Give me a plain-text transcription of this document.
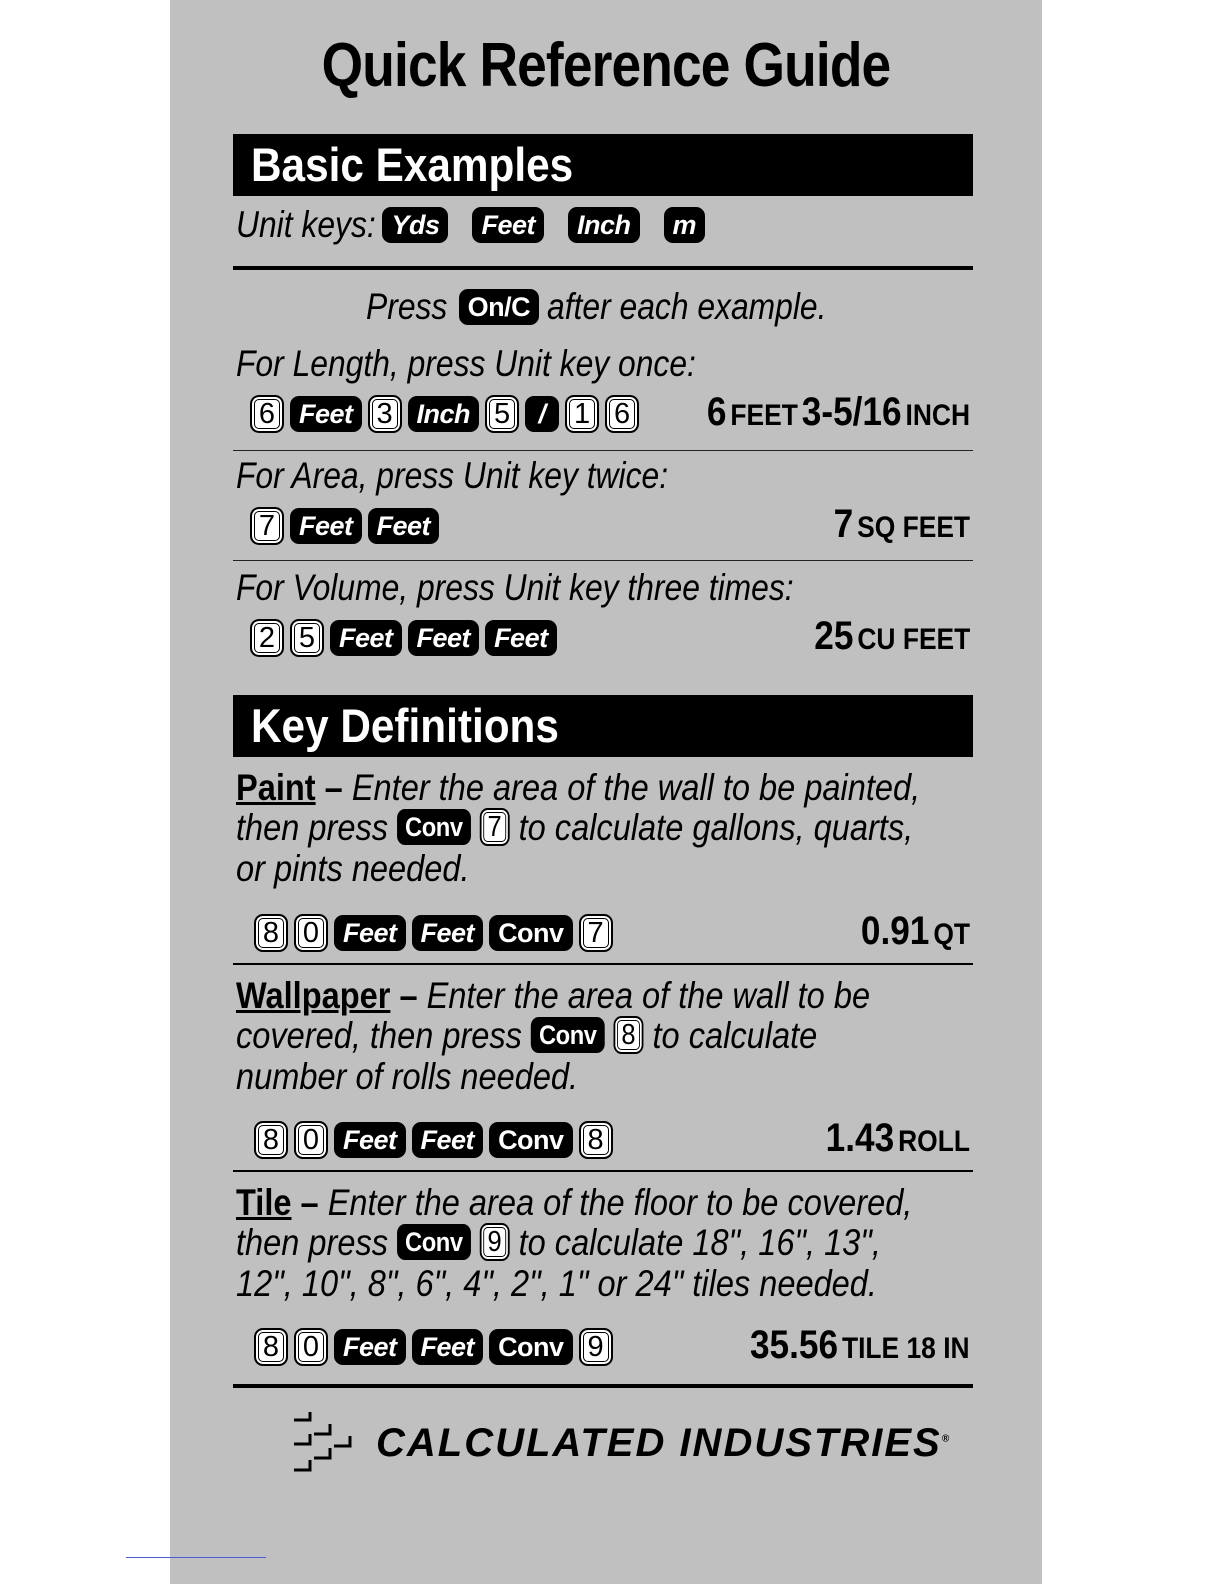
Quick Reference Guide
Basic Examples
Unit keys: Yds	Feet	Inch	m
Press On/C after each example.
For Length, press Unit key once:
6 Feet 3 Inch 5	/ 1 6	6 FEET 3-5/16 INCH
For Area, press Unit key twice:
7 Feet Feet	7 SQ FEET
For Volume, press Unit key three times:
2 5 Feet Feet Feet	25 CU FEET
Key Definitions
Paint – Enter the area of the wall to be painted,
then press Conv 7 to calculate gallons, quarts,
or pints needed.
8 0 Feet Feet Conv 7	0.91 QT
Wallpaper – Enter the area of the wall to be
covered, then press Conv 8 to calculate
number of rolls needed.
8 0 Feet Feet Conv 8	1.43 ROLL
Tile – Enter the area of the floor to be covered,
then press Conv 9 to calculate 18", 16", 13",
12", 10", 8", 6", 4", 2", 1" or 24" tiles needed.
8 0 Feet Feet Conv 9	35.56 TILE 18 IN
CALCULATED INDUSTRIES®
